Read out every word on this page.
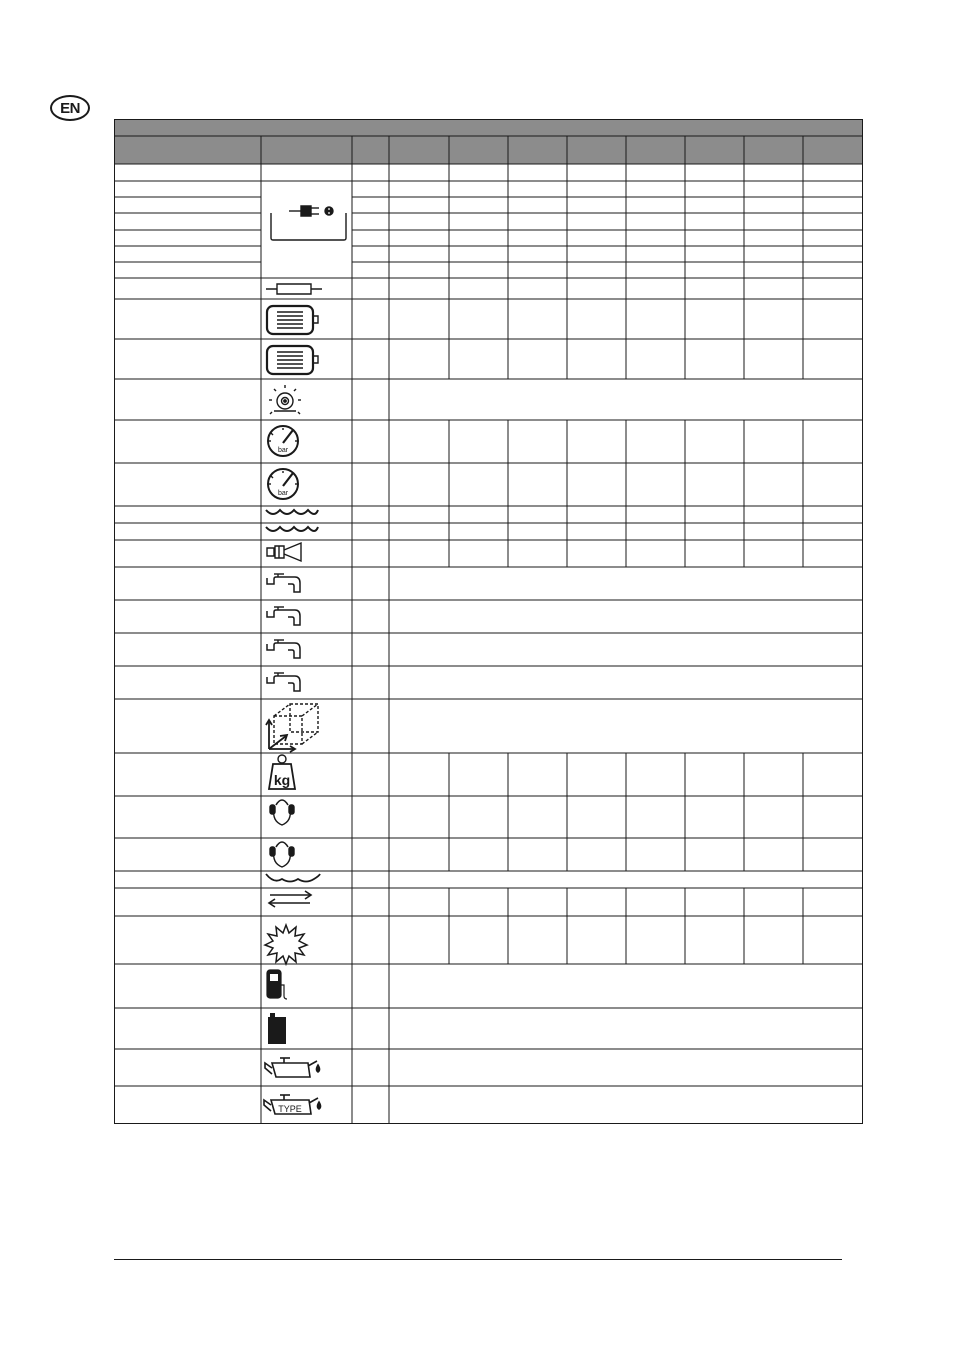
EN
bar
bar
kg
TYPE
